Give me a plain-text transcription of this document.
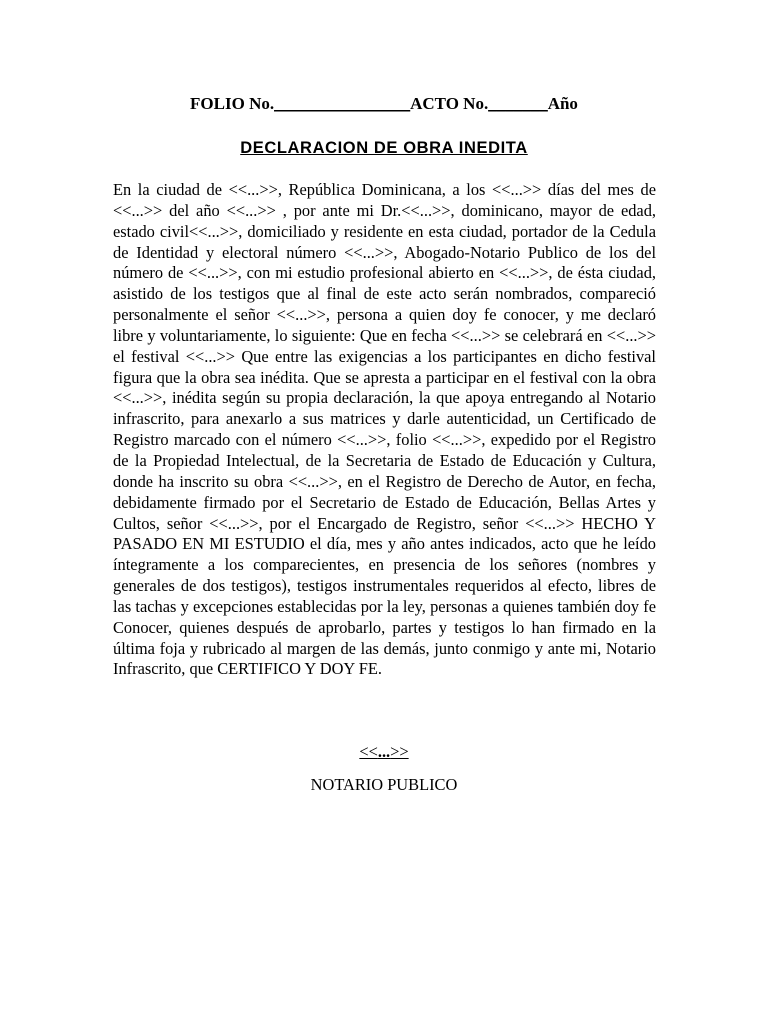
FOLIO No.________________ACTO No._______Año
DECLARACION DE OBRA INEDITA

En la ciudad de <<...>>, República Dominicana, a los <<...>> días del mes de <<...>> del año <<...>> , por ante mi Dr.<<...>>, dominicano, mayor de edad, estado civil<<...>>, domiciliado y residente en esta ciudad, portador de la Cedula de Identidad y electoral número <<...>>, Abogado-Notario Publico de los del número de <<...>>, con mi estudio profesional abierto en <<...>>, de ésta ciudad, asistido de los testigos que al final de este acto serán nombrados, compareció personalmente el señor <<...>>, persona a quien doy fe conocer, y me declaró libre y voluntariamente, lo siguiente: Que en fecha <<...>> se celebrará en <<...>> el festival <<...>> Que entre las exigencias a los participantes en dicho festival figura que la obra sea inédita. Que se apresta a participar en el festival con la obra <<...>>, inédita según su propia declaración, la que apoya entregando al Notario infrascrito, para anexarlo a sus matrices y darle autenticidad, un Certificado de Registro marcado con el número <<...>>, folio <<...>>, expedido por el Registro de la Propiedad Intelectual, de la Secretaria de Estado de Educación y Cultura, donde ha inscrito su obra <<...>>, en el Registro de Derecho de Autor, en fecha, debidamente firmado por el Secretario de Estado de Educación, Bellas Artes y Cultos, señor <<...>>, por el Encargado de Registro, señor <<...>> HECHO Y PASADO EN MI ESTUDIO el día, mes y año antes indicados, acto que he leído íntegramente a los comparecientes, en presencia de los señores (nombres y generales de dos testigos), testigos instrumentales requeridos al efecto, libres de las tachas y excepciones establecidas por la ley, personas a quienes también doy fe Conocer, quienes después de aprobarlo, partes y testigos lo han firmado en la última foja y rubricado al margen de las demás, junto conmigo y ante mi, Notario Infrascrito, que CERTIFICO Y DOY FE.

<<...>>
NOTARIO PUBLICO
